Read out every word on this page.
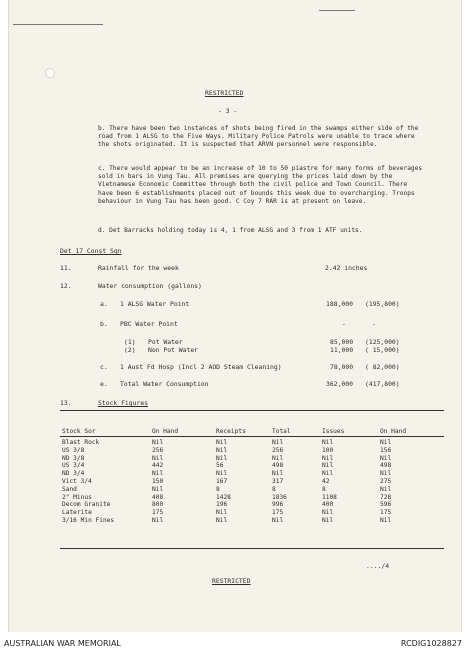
RESTRICTED
- 3 -
b. There have been two instances of shots being fired in the swamps either side of the road from 1 ALSG to the Five Ways. Military Police Patrols were unable to trace where the shots originated. It is suspected that ARVN personnel were responsible.
c. There would appear to be an increase of 10 to 50 piastre for many forms of beverages sold in bars in Vung Tau. All premises are querying the prices laid down by the Vietnamese Economic Committee through both the civil police and Town Council. There have been 6 establishments placed out of bounds this week due to overcharging. Troops behaviour in Vung Tau has been good. C Coy 7 RAR is at present on leave.
d. Det Barracks holding today is 4, 1 from ALSG and 3 from 1 ATF units.
Det 17 Const Sqn
11.	Rainfall for the week	2.42 inches
12.	Water consumption (gallons)
a. 1 ALSG Water Point	188,000 (195,800)
b. PBC Water Point	-	-
(1) Pot Water	85,000 (125,000)
(2) Non Pot Water	11,000 ( 15,000)
c. 1 Aust Fd Hosp (Incl 2 AOD Steam Cleaning)	78,000 ( 82,000)
e. Total Water Consumption	362,000 (417,800)
13.	Stock Figures
Stock Sor	On Hand	Receipts	Total	Issues	On Hand
Blast Rock	Nil	Nil	Nil	Nil	Nil
US 3/8	256	Nil	256	100	156
ND 3/8	Nil	Nil	Nil	Nil	Nil
US 3/4	442	56	498	Nil	498
ND 3/4	Nil	Nil	Nil	Nil	Nil
Vict 3/4	150	167	317	42	275
Sand	Nil	8	8	8	Nil
2" Minus	408	1428	1836	1108	728
Decom Granite	800	196	996	400	596
Laterite	175	Nil	175	Nil	175
3/16 Min Fines	Nil	Nil	Nil	Nil	Nil
..../4
RESTRICTED
AUSTRALIAN WAR MEMORIAL	RCDIG1028827
